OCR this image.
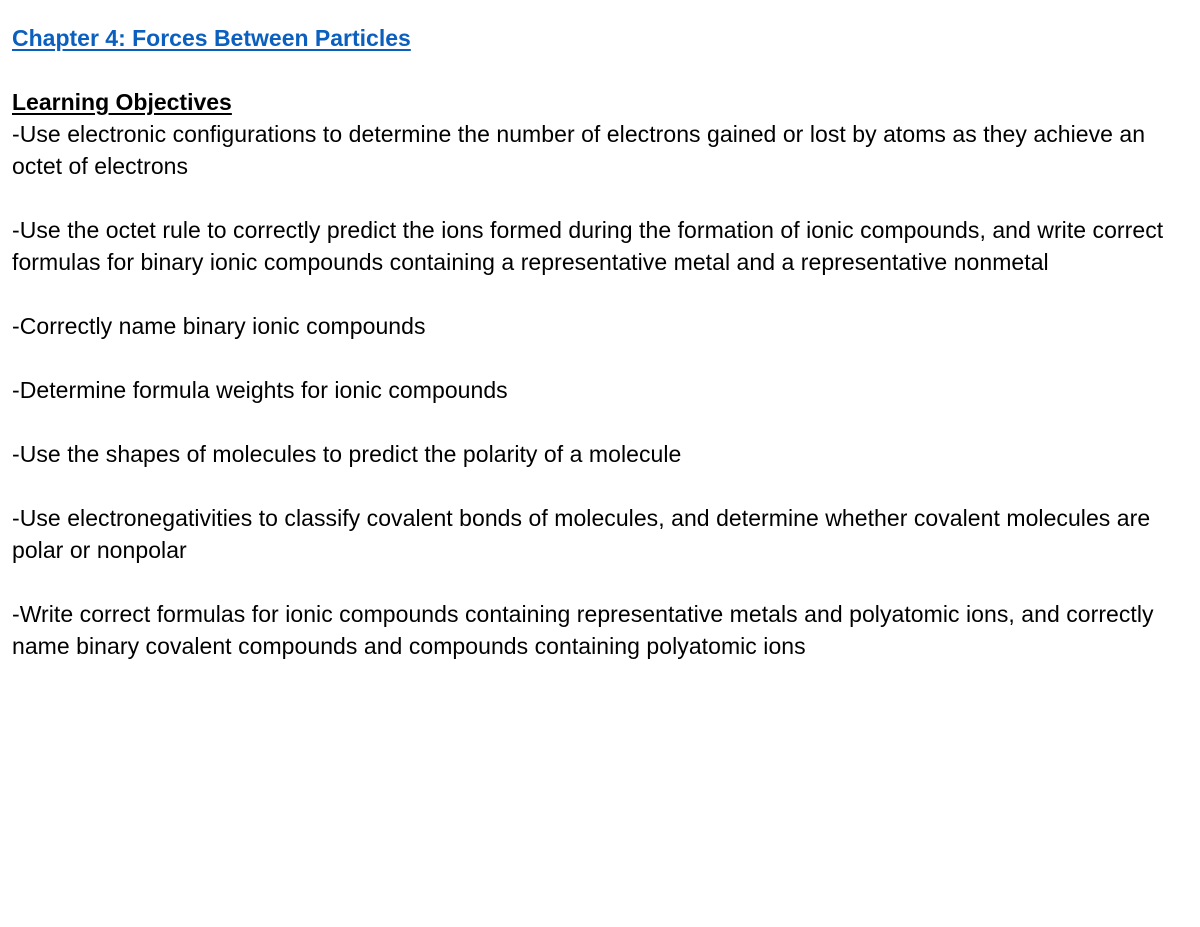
Chapter 4: Forces Between Particles
Learning Objectives
-Use electronic configurations to determine the number of electrons gained or lost by atoms as they achieve an octet of electrons
-Use the octet rule to correctly predict the ions formed during the formation of ionic compounds, and write correct formulas for binary ionic compounds containing a representative metal and a representative nonmetal
-Correctly name binary ionic compounds
-Determine formula weights for ionic compounds
-Use the shapes of molecules to predict the polarity of a molecule
-Use electronegativities to classify covalent bonds of molecules, and determine whether covalent molecules are polar or nonpolar
-Write correct formulas for ionic compounds containing representative metals and polyatomic ions, and correctly name binary covalent compounds and compounds containing polyatomic ions
